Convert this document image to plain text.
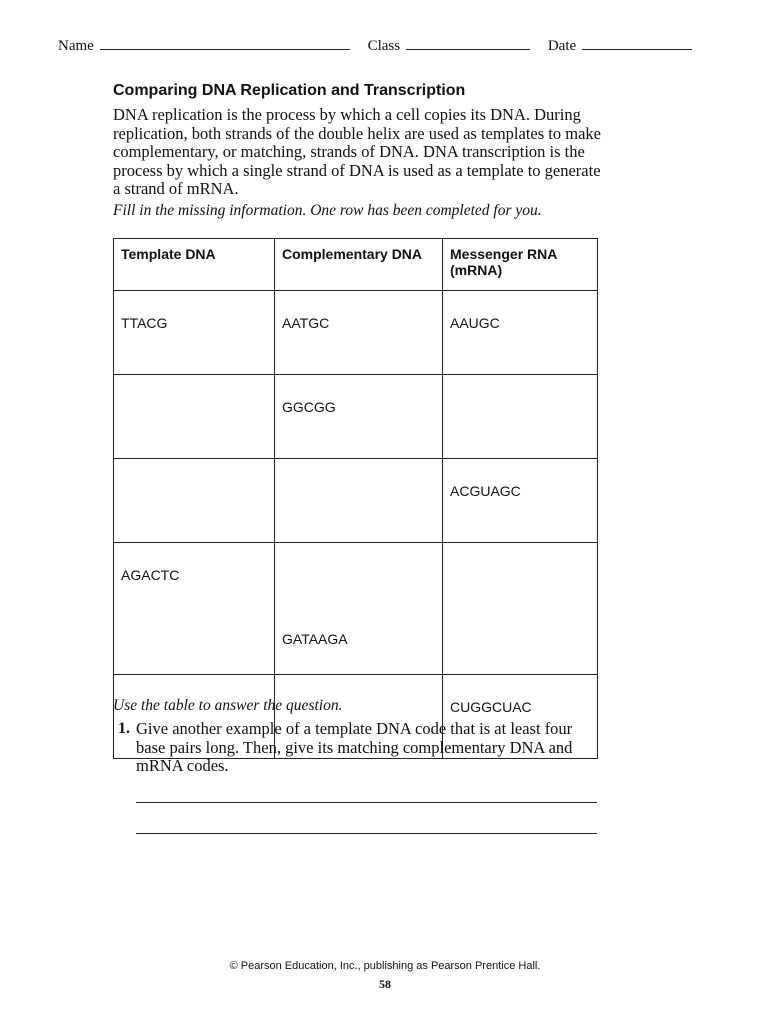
Name	Class	Date
Comparing DNA Replication and Transcription

DNA replication is the process by which a cell copies its DNA. During replication, both strands of the double helix are used as templates to make complementary, or matching, strands of DNA. DNA transcription is the process by which a single strand of DNA is used as a template to generate a strand of mRNA.

Fill in the missing information. One row has been completed for you.
Template DNA	Complementary DNA	Messenger RNA (mRNA)
TTACG	AATGC	AAUGC
	GGCGG	
		ACGUAGC
AGACTC	GATAAGA	
		CUGGCUAC
Use the table to answer the question.
1. Give another example of a template DNA code that is at least four base pairs long. Then, give its matching complementary DNA and mRNA codes.

© Pearson Education, Inc., publishing as Pearson Prentice Hall.
58
